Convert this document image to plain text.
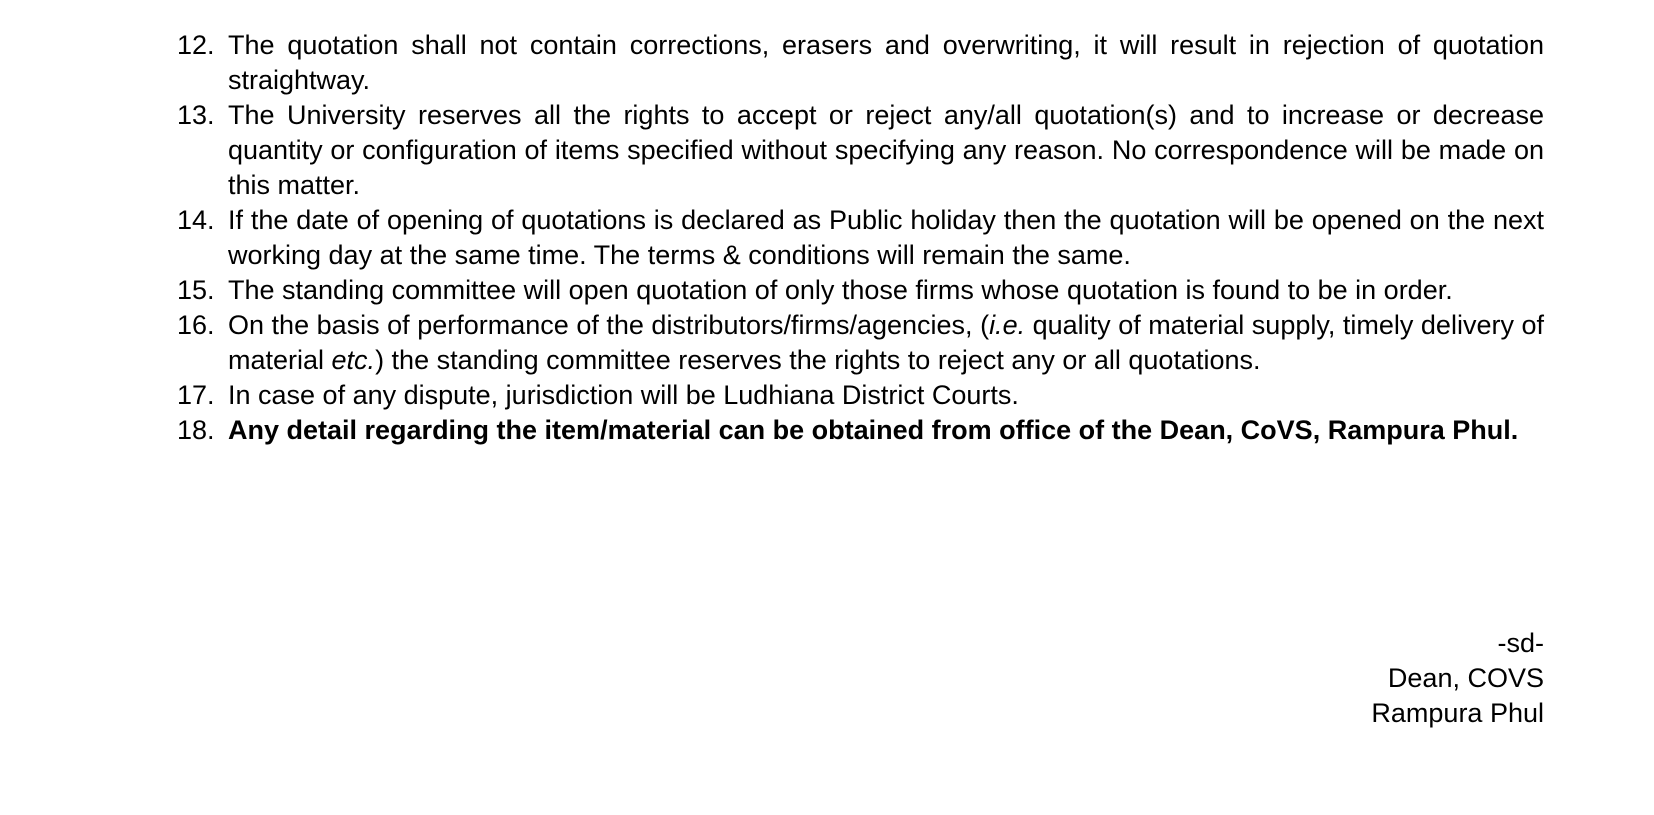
12. The quotation shall not contain corrections, erasers and overwriting, it will result in rejection of quotation straightway.
13. The University reserves all the rights to accept or reject any/all quotation(s) and to increase or decrease quantity or configuration of items specified without specifying any reason. No correspondence will be made on this matter.
14. If the date of opening of quotations is declared as Public holiday then the quotation will be opened on the next working day at the same time. The terms & conditions will remain the same.
15. The standing committee will open quotation of only those firms whose quotation is found to be in order.
16. On the basis of performance of the distributors/firms/agencies, (i.e. quality of material supply, timely delivery of material etc.) the standing committee reserves the rights to reject any or all quotations.
17. In case of any dispute, jurisdiction will be Ludhiana District Courts.
18. Any detail regarding the item/material can be obtained from office of the Dean, CoVS, Rampura Phul.
-sd-
Dean, COVS
Rampura Phul
